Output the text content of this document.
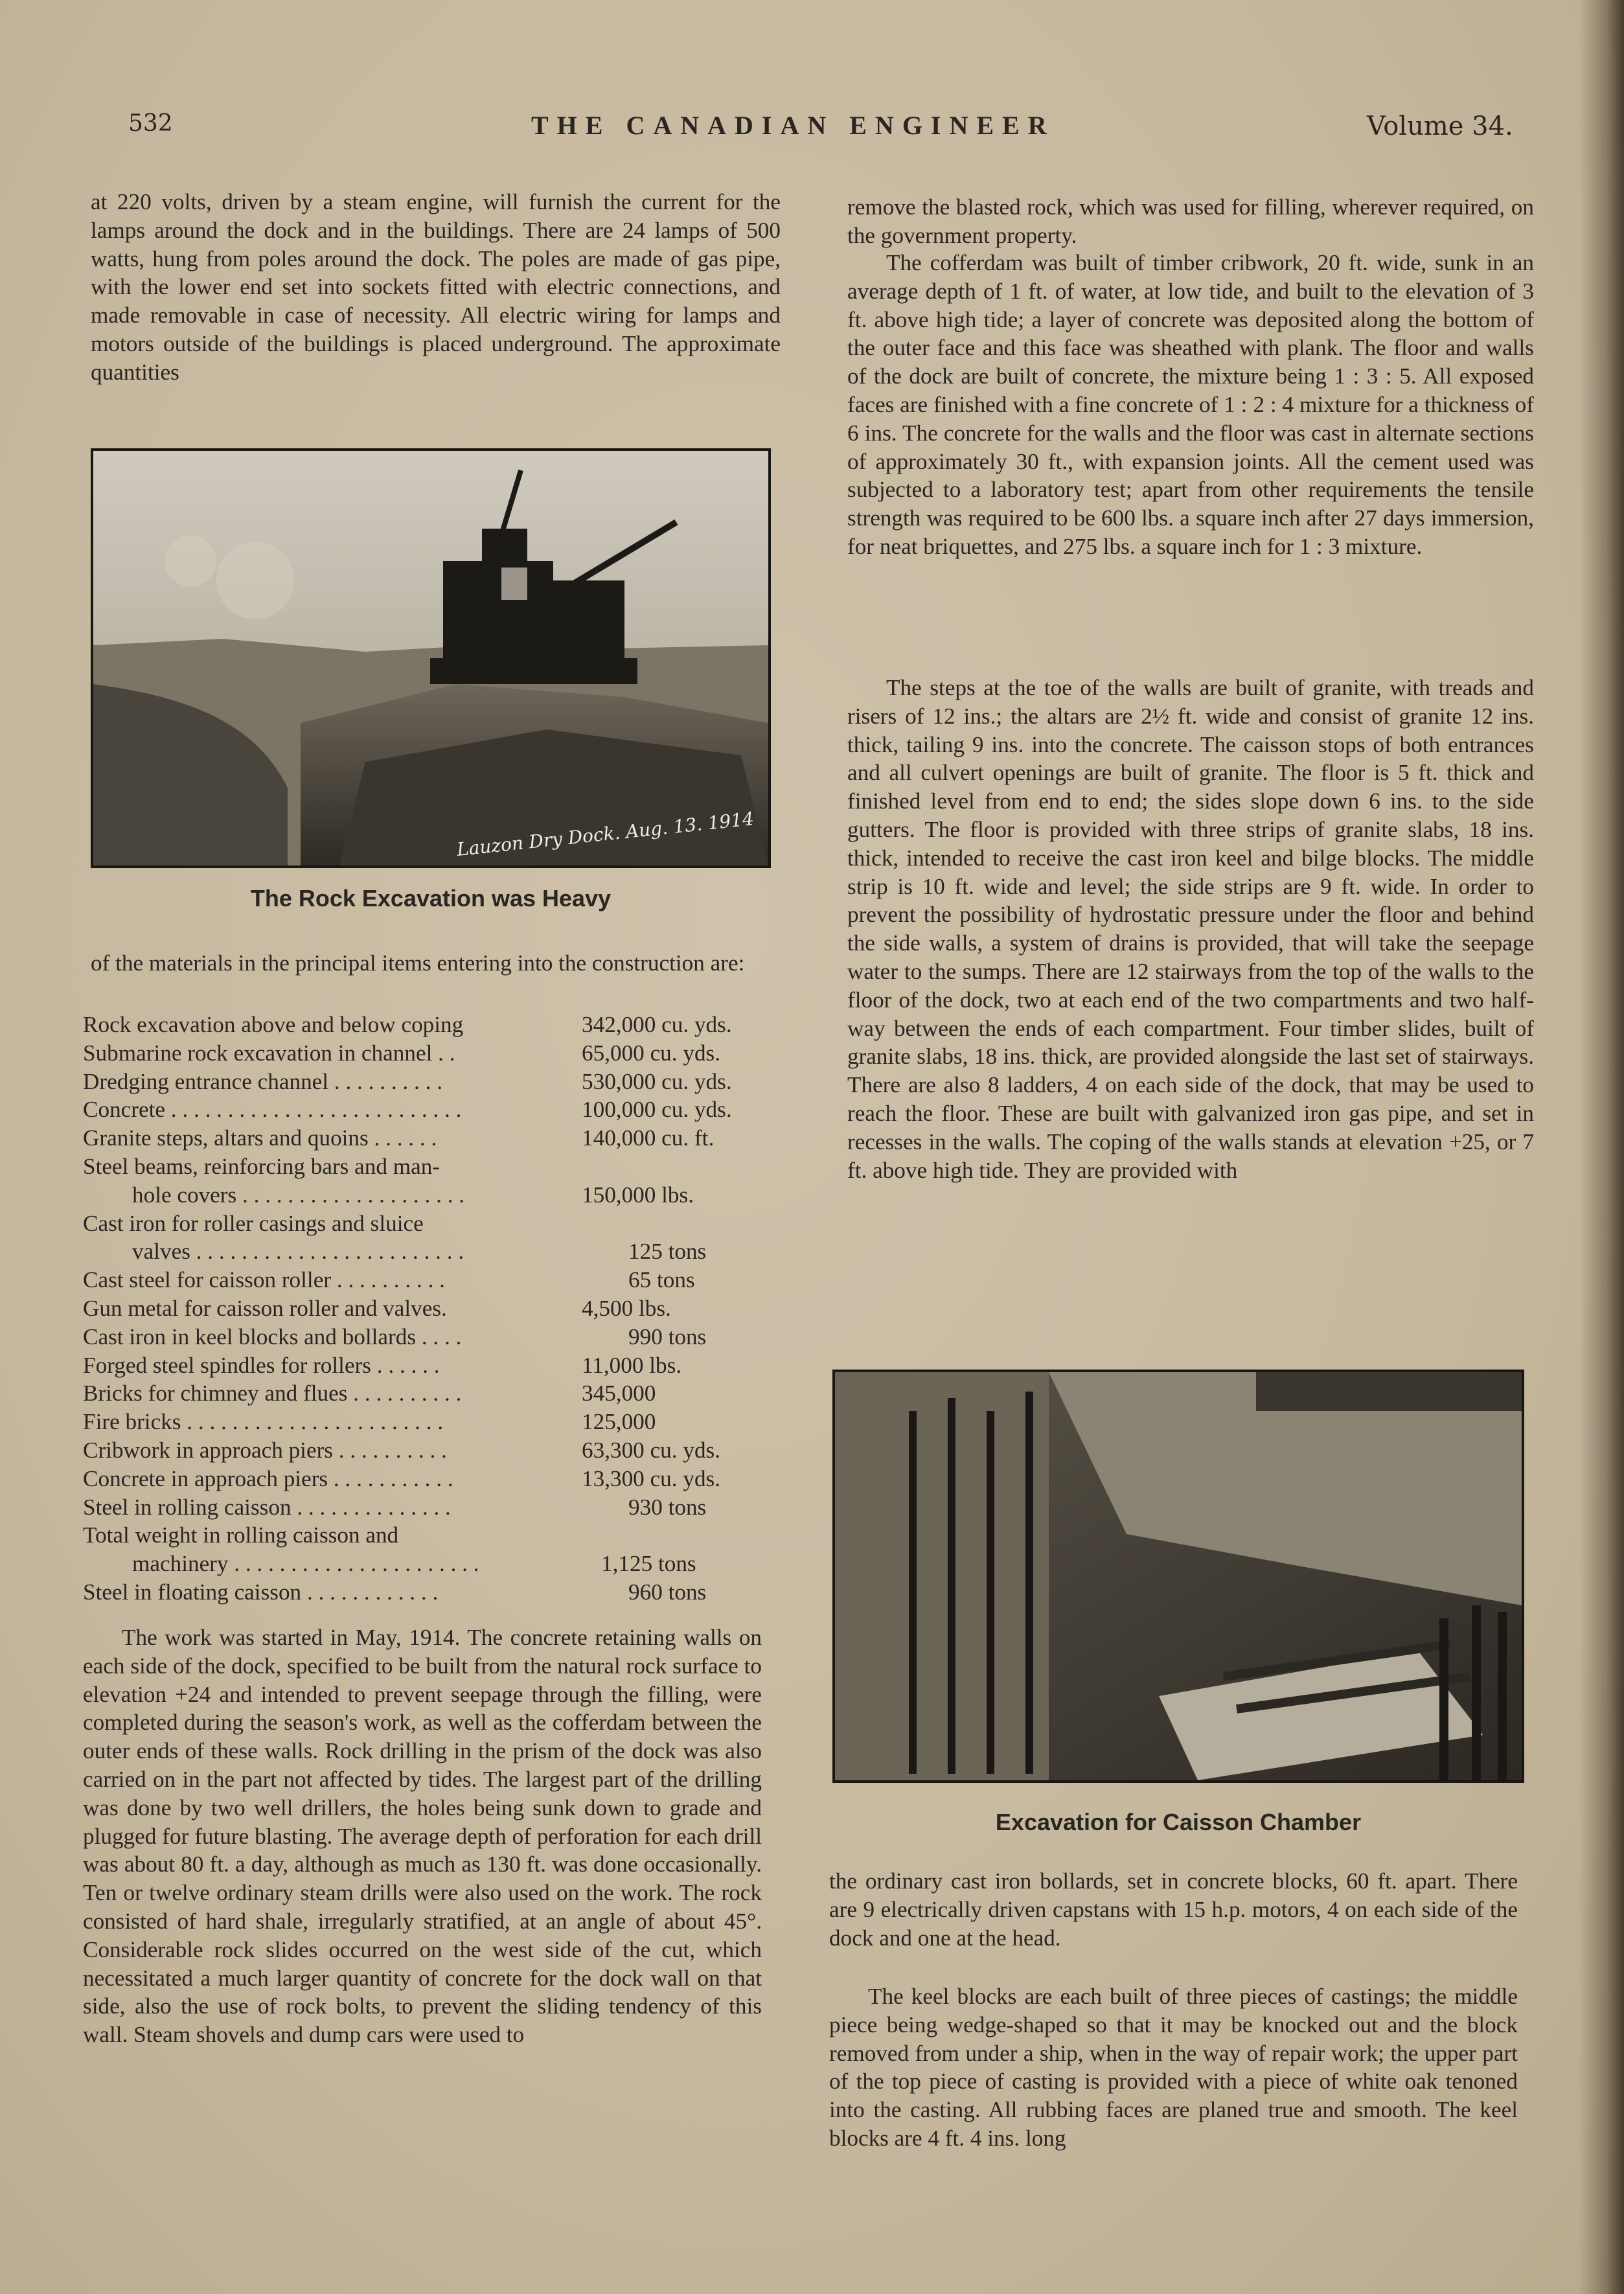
532	THE CANADIAN ENGINEER	Volume 34.

at 220 volts, driven by a steam engine, will furnish the current for the lamps around the dock and in the buildings. There are 24 lamps of 500 watts, hung from poles around the dock. The poles are made of gas pipe, with the lower end set into sockets fitted with electric connections, and made removable in case of necessity. All electric wiring for lamps and motors outside of the buildings is placed underground. The approximate quantities

Lauzon Dry Dock. Aug. 13. 1914
The Rock Excavation was Heavy

of the materials in the principal items entering into the construction are:

Rock excavation above and below coping	342,000 cu. yds.
Submarine rock excavation in channel . .	65,000 cu. yds.
Dredging entrance channel . . . . . . . . . .	530,000 cu. yds.
Concrete . . . . . . . . . . . . . . . . . . . . . . . . . .	100,000 cu. yds.
Granite steps, altars and quoins . . . . . .	140,000 cu. ft.
Steel beams, reinforcing bars and man-
hole covers . . . . . . . . . . . . . . . . . . . .	150,000 lbs.
Cast iron for roller casings and sluice
valves . . . . . . . . . . . . . . . . . . . . . . . .	125 tons
Cast steel for caisson roller . . . . . . . . . .	65 tons
Gun metal for caisson roller and valves.	4,500 lbs.
Cast iron in keel blocks and bollards . . . .	990 tons
Forged steel spindles for rollers . . . . . .	11,000 lbs.
Bricks for chimney and flues . . . . . . . . . .	345,000
Fire bricks . . . . . . . . . . . . . . . . . . . . . . .	125,000
Cribwork in approach piers . . . . . . . . . .	63,300 cu. yds.
Concrete in approach piers . . . . . . . . . . .	13,300 cu. yds.
Steel in rolling caisson . . . . . . . . . . . . . .	930 tons
Total weight in rolling caisson and
machinery . . . . . . . . . . . . . . . . . . . . . .	1,125 tons
Steel in floating caisson . . . . . . . . . . . .	960 tons

The work was started in May, 1914. The concrete retaining walls on each side of the dock, specified to be built from the natural rock surface to elevation +24 and intended to prevent seepage through the filling, were completed during the season's work, as well as the cofferdam between the outer ends of these walls. Rock drilling in the prism of the dock was also carried on in the part not affected by tides. The largest part of the drilling was done by two well drillers, the holes being sunk down to grade and plugged for future blasting. The average depth of perforation for each drill was about 80 ft. a day, although as much as 130 ft. was done occasionally. Ten or twelve ordinary steam drills were also used on the work. The rock consisted of hard shale, irregularly stratified, at an angle of about 45°. Considerable rock slides occurred on the west side of the cut, which necessitated a much larger quantity of concrete for the dock wall on that side, also the use of rock bolts, to prevent the sliding tendency of this wall. Steam shovels and dump cars were used to

remove the blasted rock, which was used for filling, wherever required, on the government property.

The cofferdam was built of timber cribwork, 20 ft. wide, sunk in an average depth of 1 ft. of water, at low tide, and built to the elevation of 3 ft. above high tide; a layer of concrete was deposited along the bottom of the outer face and this face was sheathed with plank. The floor and walls of the dock are built of concrete, the mixture being 1 : 3 : 5. All exposed faces are finished with a fine concrete of 1 : 2 : 4 mixture for a thickness of 6 ins. The concrete for the walls and the floor was cast in alternate sections of approximately 30 ft., with expansion joints. All the cement used was subjected to a laboratory test; apart from other requirements the tensile strength was required to be 600 lbs. a square inch after 27 days immersion, for neat briquettes, and 275 lbs. a square inch for 1 : 3 mixture.

The steps at the toe of the walls are built of granite, with treads and risers of 12 ins.; the altars are 2½ ft. wide and consist of granite 12 ins. thick, tailing 9 ins. into the concrete. The caisson stops of both entrances and all culvert openings are built of granite. The floor is 5 ft. thick and finished level from end to end; the sides slope down 6 ins. to the side gutters. The floor is provided with three strips of granite slabs, 18 ins. thick, intended to receive the cast iron keel and bilge blocks. The middle strip is 10 ft. wide and level; the side strips are 9 ft. wide. In order to prevent the possibility of hydrostatic pressure under the floor and behind the side walls, a system of drains is provided, that will take the seepage water to the sumps. There are 12 stairways from the top of the walls to the floor of the dock, two at each end of the two compartments and two half-way between the ends of each compartment. Four timber slides, built of granite slabs, 18 ins. thick, are provided alongside the last set of stairways. There are also 8 ladders, 4 on each side of the dock, that may be used to reach the floor. These are built with galvanized iron gas pipe, and set in recesses in the walls. The coping of the walls stands at elevation +25, or 7 ft. above high tide. They are provided with

Excavation for Caisson Chamber

the ordinary cast iron bollards, set in concrete blocks, 60 ft. apart. There are 9 electrically driven capstans with 15 h.p. motors, 4 on each side of the dock and one at the head.

The keel blocks are each built of three pieces of castings; the middle piece being wedge-shaped so that it may be knocked out and the block removed from under a ship, when in the way of repair work; the upper part of the top piece of casting is provided with a piece of white oak tenoned into the casting. All rubbing faces are planed true and smooth. The keel blocks are 4 ft. 4 ins. long
